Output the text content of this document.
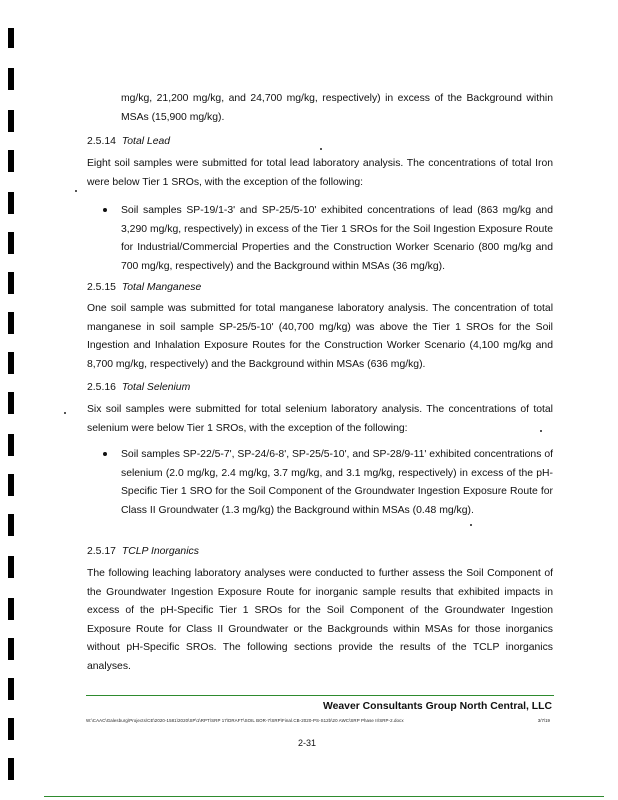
mg/kg, 21,200 mg/kg, and 24,700 mg/kg, respectively) in excess of the Background within MSAs (15,900 mg/kg).

2.5.14 Total Lead

Eight soil samples were submitted for total lead laboratory analysis. The concentrations of total Iron were below Tier 1 SROs, with the exception of the following:

Soil samples SP-19/1-3' and SP-25/5-10' exhibited concentrations of lead (863 mg/kg and 3,290 mg/kg, respectively) in excess of the Tier 1 SROs for the Soil Ingestion Exposure Route for Industrial/Commercial Properties and the Construction Worker Scenario (800 mg/kg and 700 mg/kg, respectively) and the Background within MSAs (36 mg/kg).

2.5.15 Total Manganese

One soil sample was submitted for total manganese laboratory analysis. The concentration of total manganese in soil sample SP-25/5-10' (40,700 mg/kg) was above the Tier 1 SROs for the Soil Ingestion and Inhalation Exposure Routes for the Construction Worker Scenario (4,100 mg/kg and 8,700 mg/kg, respectively) and the Background within MSAs (636 mg/kg).

2.5.16 Total Selenium

Six soil samples were submitted for total selenium laboratory analysis. The concentrations of total selenium were below Tier 1 SROs, with the exception of the following:

Soil samples SP-22/5-7', SP-24/6-8', SP-25/5-10', and SP-28/9-11' exhibited concentrations of selenium (2.0 mg/kg, 2.4 mg/kg, 3.7 mg/kg, and 3.1 mg/kg, respectively) in excess of the pH-Specific Tier 1 SRO for the Soil Component of the Groundwater Ingestion Exposure Route for Class II Groundwater (1.3 mg/kg) the Background within MSAs (0.48 mg/kg).

2.5.17 TCLP Inorganics

The following leaching laboratory analyses were conducted to further assess the Soil Component of the Groundwater Ingestion Exposure Route for inorganic sample results that exhibited impacts in excess of the pH-Specific Tier 1 SROs for the Soil Component of the Groundwater Ingestion Exposure Route for Class II Groundwater or the Backgrounds within MSAs for those inorganics without pH-Specific SROs. The following sections provide the results of the TCLP inorganics analyses.

Weaver Consultants Group North Central, LLC
W:\CAAC\Galesburg\Projects\CE\2020-1581\2020\SP\1\RPT\SRP 17\DRAFT\SOIL BOR-7\SRP\Final.CB-2020-PS-S12b\20 AWC\SRP Phase II\SRP-2.docx	3/7/19
2-31
